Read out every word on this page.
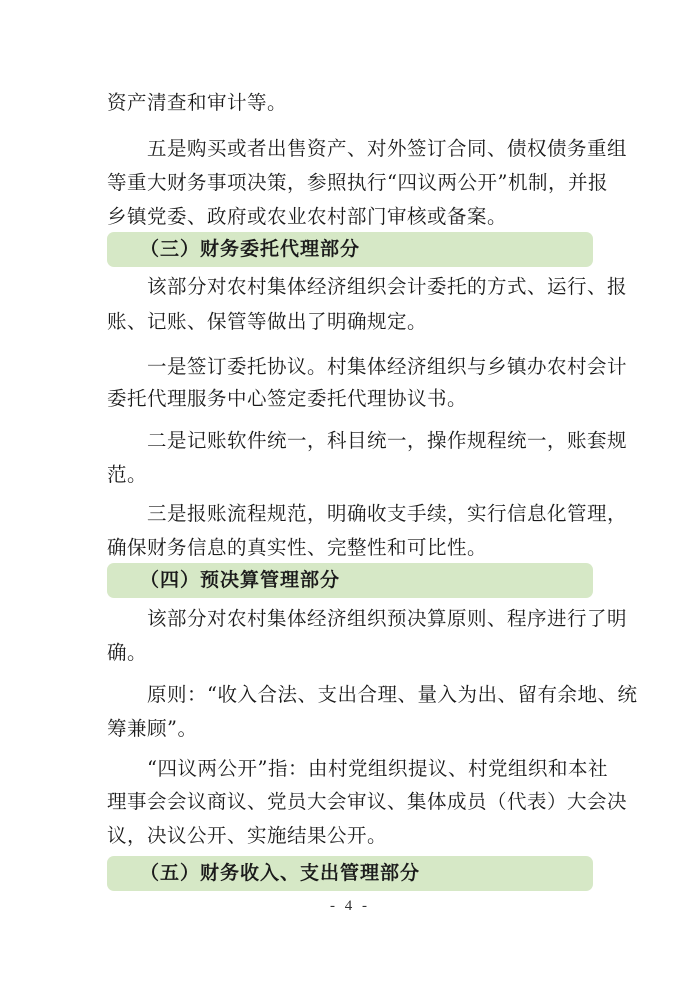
资产清查和审计等。
五是购买或者出售资产、对外签订合同、债权债务重组
等重大财务事项决策，参照执行“四议两公开”机制，并报
乡镇党委、政府或农业农村部门审核或备案。
（三）财务委托代理部分
该部分对农村集体经济组织会计委托的方式、运行、报
账、记账、保管等做出了明确规定。
一是签订委托协议。村集体经济组织与乡镇办农村会计
委托代理服务中心签定委托代理协议书。
二是记账软件统一，科目统一，操作规程统一，账套规
范。
三是报账流程规范，明确收支手续，实行信息化管理，
确保财务信息的真实性、完整性和可比性。
（四）预决算管理部分
该部分对农村集体经济组织预决算原则、程序进行了明
确。
原则：“收入合法、支出合理、量入为出、留有余地、统
筹兼顾”。
“四议两公开”指：由村党组织提议、村党组织和本社
理事会会议商议、党员大会审议、集体成员（代表）大会决
议，决议公开、实施结果公开。
（五）财务收入、支出管理部分
- 4 -
